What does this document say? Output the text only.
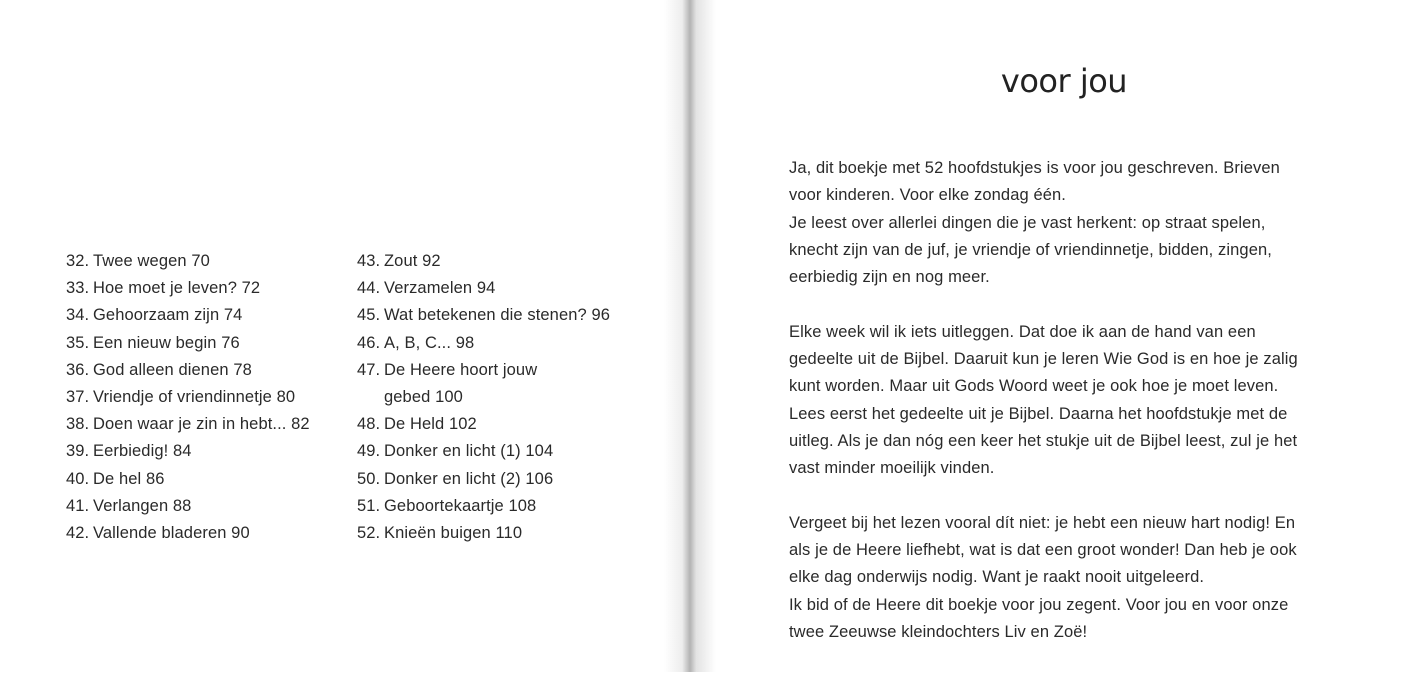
32. Twee wegen 70
33. Hoe moet je leven? 72
34. Gehoorzaam zijn 74
35. Een nieuw begin 76
36. God alleen dienen 78
37. Vriendje of vriendinnetje 80
38. Doen waar je zin in hebt... 82
39. Eerbiedig! 84
40. De hel 86
41. Verlangen 88
42. Vallende bladeren 90
43. Zout 92
44. Verzamelen 94
45. Wat betekenen die stenen? 96
46. A, B, C... 98
47. De Heere hoort jouw gebed 100
48. De Held 102
49. Donker en licht (1) 104
50. Donker en licht (2) 106
51. Geboortekaartje 108
52. Knieën buigen 110
voor jou
Ja, dit boekje met 52 hoofdstukjes is voor jou geschreven. Brieven
voor kinderen. Voor elke zondag één.
Je leest over allerlei dingen die je vast herkent: op straat spelen,
knecht zijn van de juf, je vriendje of vriendinnetje, bidden, zingen,
eerbiedig zijn en nog meer.
Elke week wil ik iets uitleggen. Dat doe ik aan de hand van een
gedeelte uit de Bijbel. Daaruit kun je leren Wie God is en hoe je zalig
kunt worden. Maar uit Gods Woord weet je ook hoe je moet leven.
Lees eerst het gedeelte uit je Bijbel. Daarna het hoofdstukje met de
uitleg. Als je dan nóg een keer het stukje uit de Bijbel leest, zul je het
vast minder moeilijk vinden.
Vergeet bij het lezen vooral dít niet: je hebt een nieuw hart nodig! En
als je de Heere liefhebt, wat is dat een groot wonder! Dan heb je ook
elke dag onderwijs nodig. Want je raakt nooit uitgeleerd.
Ik bid of de Heere dit boekje voor jou zegent. Voor jou en voor onze
twee Zeeuwse kleindochters Liv en Zoë!
